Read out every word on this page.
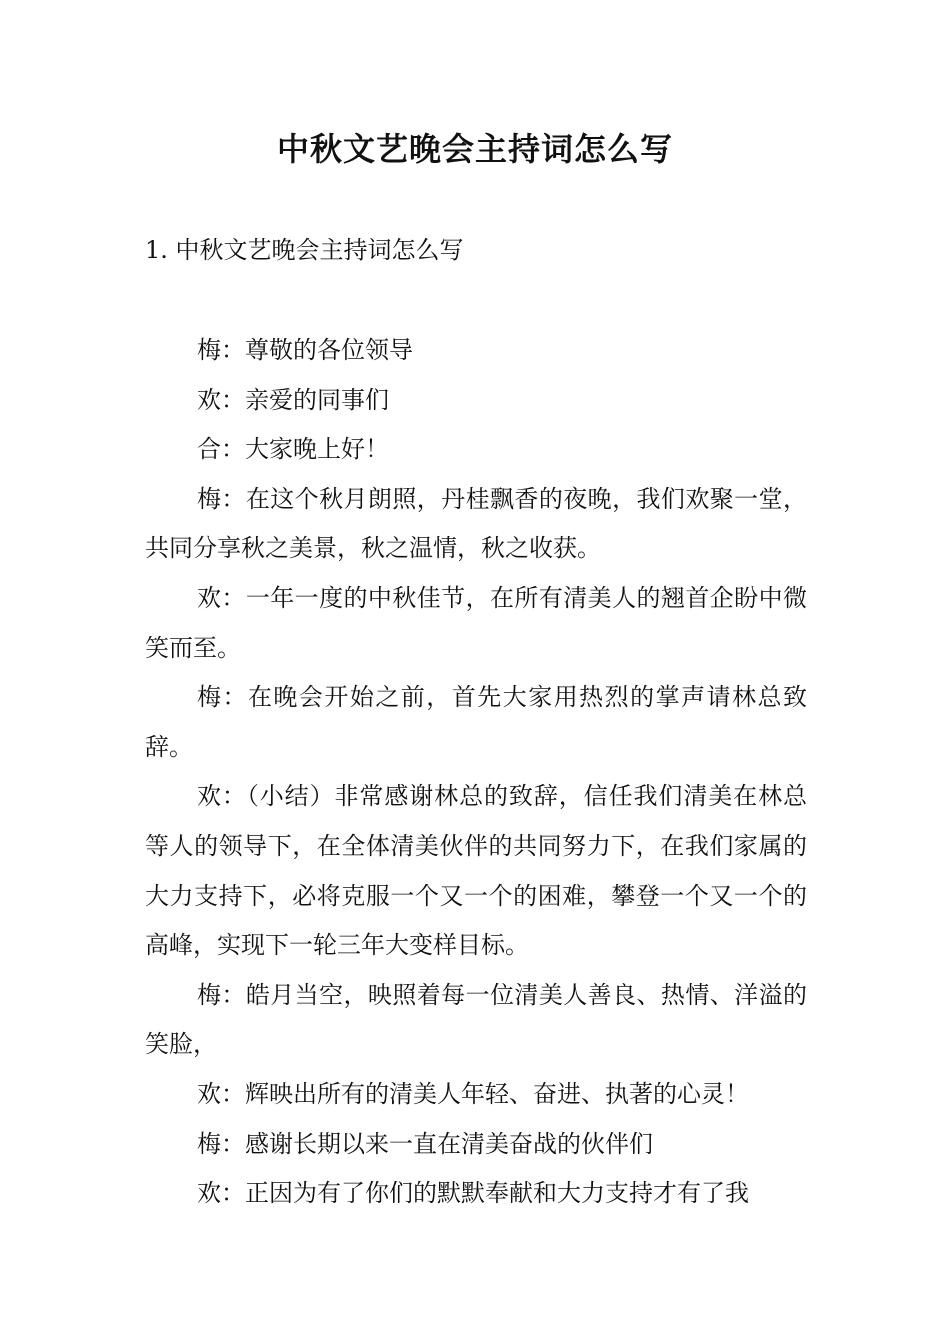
中秋文艺晚会主持词怎么写

1. 中秋文艺晚会主持词怎么写

梅：尊敬的各位领导

欢：亲爱的同事们

合：大家晚上好！

梅：在这个秋月朗照，丹桂飘香的夜晚，我们欢聚一堂，共同分享秋之美景，秋之温情，秋之收获。

欢：一年一度的中秋佳节，在所有清美人的翘首企盼中微笑而至。

梅：在晚会开始之前，首先大家用热烈的掌声请林总致辞。

欢：（小结）非常感谢林总的致辞，信任我们清美在林总等人的领导下，在全体清美伙伴的共同努力下，在我们家属的大力支持下，必将克服一个又一个的困难，攀登一个又一个的高峰，实现下一轮三年大变样目标。

梅：皓月当空，映照着每一位清美人善良、热情、洋溢的笑脸，

欢：辉映出所有的清美人年轻、奋进、执著的心灵！

梅：感谢长期以来一直在清美奋战的伙伴们

欢：正因为有了你们的默默奉献和大力支持才有了我
